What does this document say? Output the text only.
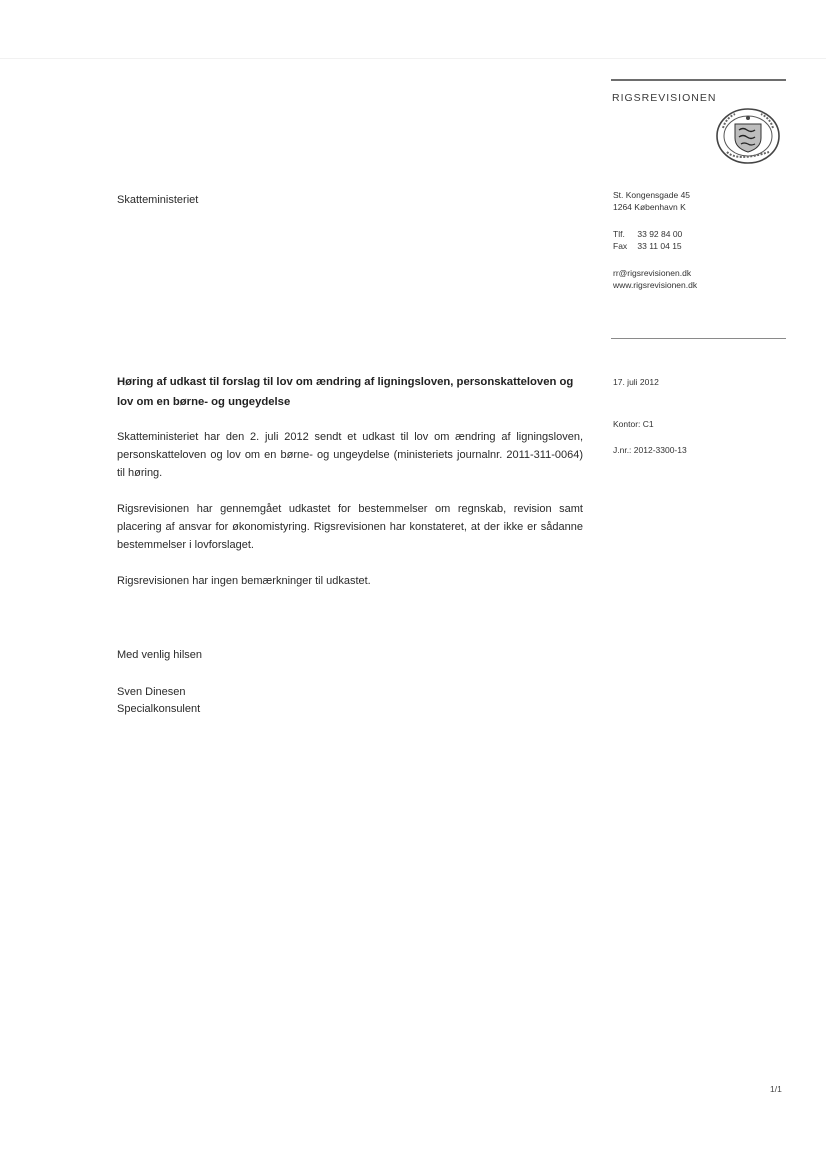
RIGSREVISIONEN
St. Kongensgade 45
1264 København K
Tlf. 33 92 84 00
Fax 33 11 04 15
rr@rigsrevisionen.dk
www.rigsrevisionen.dk
Skatteministeriet
17. juli 2012
Kontor: C1
J.nr.: 2012-3300-13
Høring af udkast til forslag til lov om ændring af ligningsloven, personskatteloven og lov om en børne- og ungeydelse
Skatteministeriet har den 2. juli 2012 sendt et udkast til lov om ændring af ligningsloven, personskatteloven og lov om en børne- og ungeydelse (ministeriets journalnr. 2011-311-0064) til høring.
Rigsrevisionen har gennemgået udkastet for bestemmelser om regnskab, revision samt placering af ansvar for økonomistyring. Rigsrevisionen har konstateret, at der ikke er sådanne bestemmelser i lovforslaget.
Rigsrevisionen har ingen bemærkninger til udkastet.
Med venlig hilsen
Sven Dinesen
Specialkonsulent
1/1
